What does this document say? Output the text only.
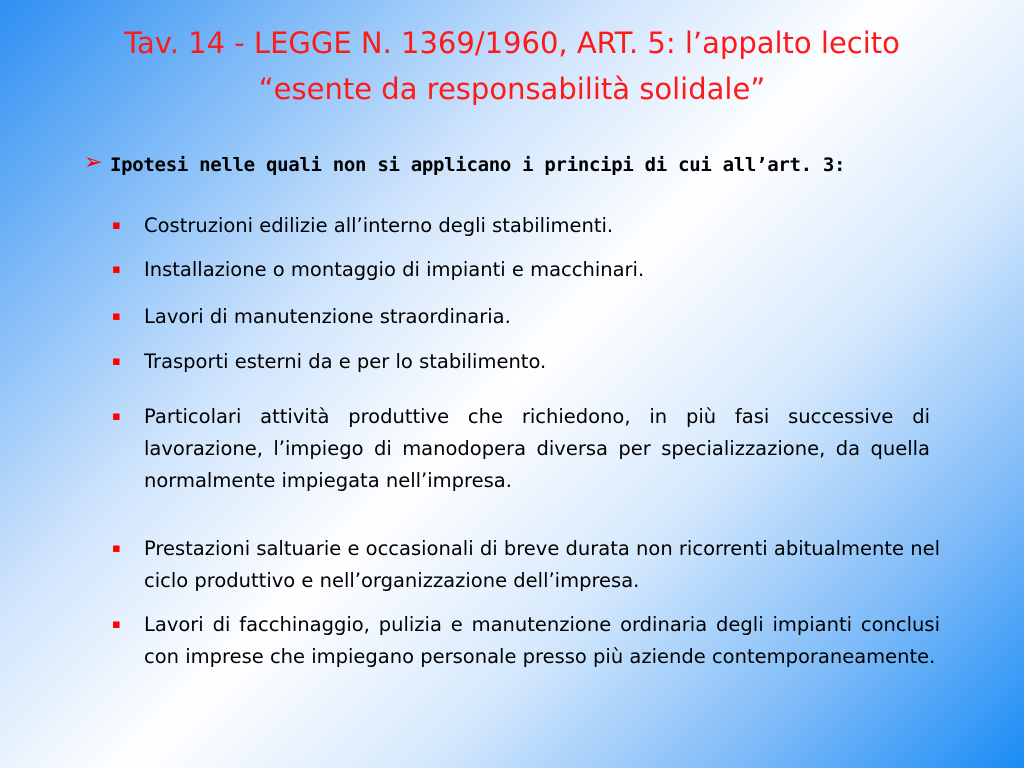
Tav. 14 - LEGGE N. 1369/1960, ART. 5: l’appalto lecito
“esente da responsabilità solidale”
➢ Ipotesi nelle quali non si applicano i principi di cui all’art. 3:
▪	Costruzioni edilizie all’interno degli stabilimenti.
▪	Installazione o montaggio di impianti e macchinari.
▪	Lavori di manutenzione straordinaria.
▪	Trasporti esterni da e per lo stabilimento.
▪	Particolari attività produttive che richiedono, in più fasi successive di lavorazione, l’impiego di manodopera diversa per specializzazione, da quella normalmente impiegata nell’impresa.
▪	Prestazioni saltuarie e occasionali di breve durata non ricorrenti abitualmente nel ciclo produttivo e nell’organizzazione dell’impresa.
▪	Lavori di facchinaggio, pulizia e manutenzione ordinaria degli impianti conclusi con imprese che impiegano personale presso più aziende contemporaneamente.
